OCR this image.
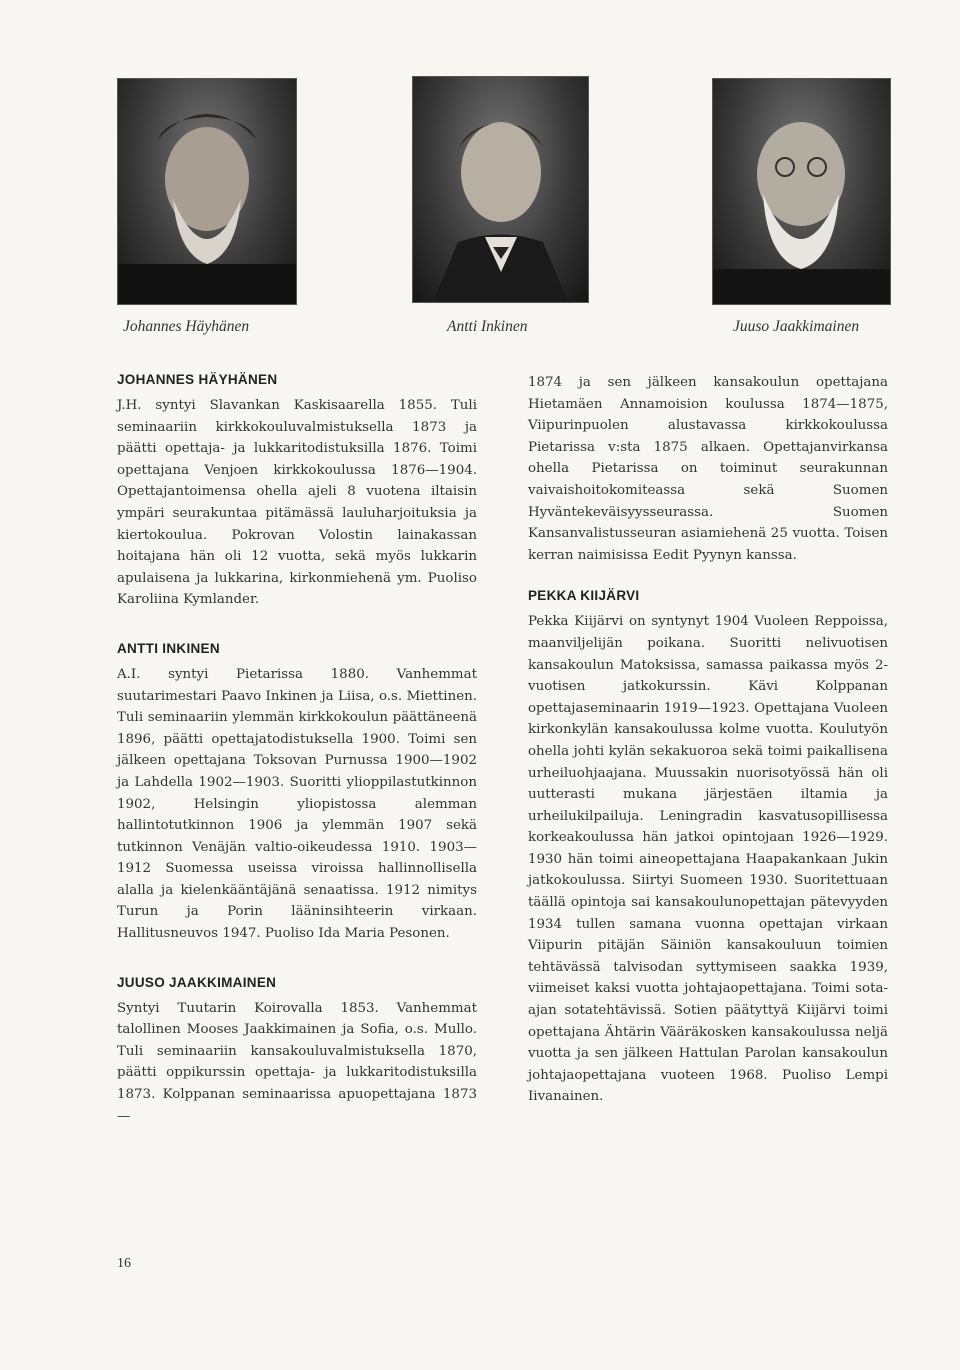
Johannes Häyhänen	Antti Inkinen	Juuso Jaakkimainen
JOHANNES HÄYHÄNEN

J.H. syntyi Slavankan Kaskisaarella 1855. Tuli seminaariin kirkkokouluvalmistuksella 1873 ja päätti opettaja- ja lukkaritodistuksilla 1876. Toimi opettajana Venjoen kirkkokoulussa 1876—1904. Opettajantoimensa ohella ajeli 8 vuotena iltaisin ympäri seurakuntaa pitämässä lauluharjoituksia ja kiertokoulua. Pokrovan Volostin lainakassan hoitajana hän oli 12 vuotta, sekä myös lukkarin apulaisena ja lukkarina, kirkonmiehenä ym. Puoliso Karoliina Kymlander.

ANTTI INKINEN

A.I. syntyi Pietarissa 1880. Vanhemmat suutarimestari Paavo Inkinen ja Liisa, o.s. Miettinen. Tuli seminaariin ylemmän kirkkokoulun päättäneenä 1896, päätti opettajatodistuksella 1900. Toimi sen jälkeen opettajana Toksovan Purnussa 1900—1902 ja Lahdella 1902—1903. Suoritti ylioppilastutkinnon 1902, Helsingin yliopistossa alemman hallintotutkinnon 1906 ja ylemmän 1907 sekä tutkinnon Venäjän valtio-oikeudessa 1910. 1903—1912 Suomessa useissa viroissa hallinnollisella alalla ja kielenkääntäjänä senaatissa. 1912 nimitys Turun ja Porin lääninsihteerin virkaan. Hallitusneuvos 1947. Puoliso Ida Maria Pesonen.

JUUSO JAAKKIMAINEN

Syntyi Tuutarin Koirovalla 1853. Vanhemmat talollinen Mooses Jaakkimainen ja Sofia, o.s. Mullo. Tuli seminaariin kansakouluvalmistuksella 1870, päätti oppikurssin opettaja- ja lukkaritodistuksilla 1873. Kolppanan seminaarissa apuopettajana 1873—

1874 ja sen jälkeen kansakoulun opettajana Hietamäen Annamoision koulussa 1874—1875, Viipurinpuolen alustavassa kirkkokoulussa Pietarissa v:sta 1875 alkaen. Opettajanvirkansa ohella Pietarissa on toiminut seurakunnan vaivaishoitokomiteassa sekä Suomen Hyväntekeväisyysseurassa. Suomen Kansanvalistusseuran asiamiehenä 25 vuotta. Toisen kerran naimisissa Eedit Pyynyn kanssa.

PEKKA KIIJÄRVI

Pekka Kiijärvi on syntynyt 1904 Vuoleen Reppoissa, maanviljelijän poikana. Suoritti nelivuotisen kansakoulun Matoksissa, samassa paikassa myös 2-vuotisen jatkokurssin. Kävi Kolppanan opettajaseminaarin 1919—1923. Opettajana Vuoleen kirkonkylän kansakoulussa kolme vuotta. Koulutyön ohella johti kylän sekakuoroa sekä toimi paikallisena urheiluohjaajana. Muussakin nuorisotyössä hän oli uutterasti mukana järjestäen iltamia ja urheilukilpailuja. Leningradin kasvatusopillisessa korkeakoulussa hän jatkoi opintojaan 1926—1929. 1930 hän toimi aineopettajana Haapakankaan Jukin jatkokoulussa. Siirtyi Suomeen 1930. Suoritettuaan täällä opintoja sai kansakoulunopettajan pätevyyden 1934 tullen samana vuonna opettajan virkaan Viipurin pitäjän Säiniön kansakouluun toimien tehtävässä talvisodan syttymiseen saakka 1939, viimeiset kaksi vuotta johtajaopettajana. Toimi sota-ajan sotatehtävissä. Sotien päätyttyä Kiijärvi toimi opettajana Ähtärin Vääräkosken kansakoulussa neljä vuotta ja sen jälkeen Hattulan Parolan kansakoulun johtajaopettajana vuoteen 1968. Puoliso Lempi Iivanainen.

16
